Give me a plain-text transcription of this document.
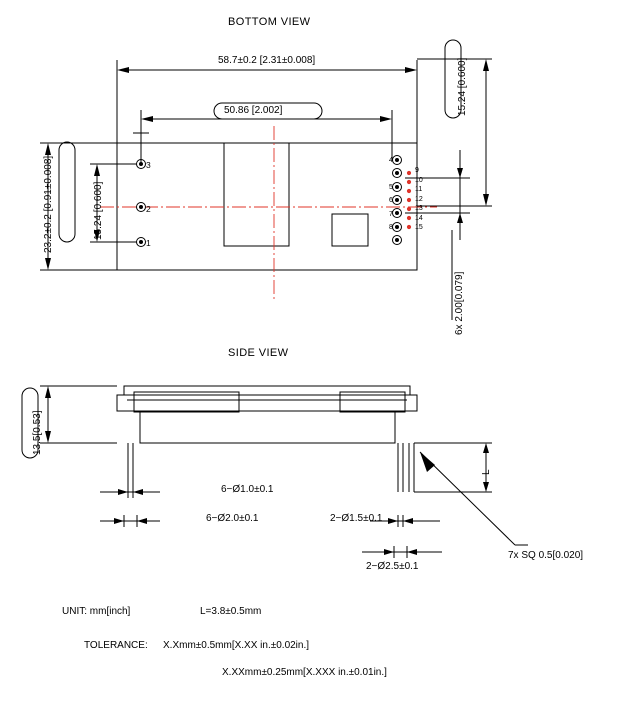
BOTTOM VIEW
SIDE VIEW
58.7±0.2 [2.31±0.008]
50.86 [2.002]
23.2±0.2 [0.91±0.008]	15.24 [0.600]
15.24 [0.600]
6x 2.00[0.079]
3
2
1
4
5
6
7
8
9
10
11
12
13
14
15
13.5[0.53]
L
6−Ø1.0±0.1
6−Ø2.0±0.1	2−Ø1.5±0.1
2−Ø2.5±0.1
7x SQ 0.5[0.020]
UNIT: mm[inch]	L=3.8±0.5mm
TOLERANCE: X.Xmm±0.5mm[X.XX in.±0.02in.]
X.XXmm±0.25mm[X.XXX in.±0.01in.]
